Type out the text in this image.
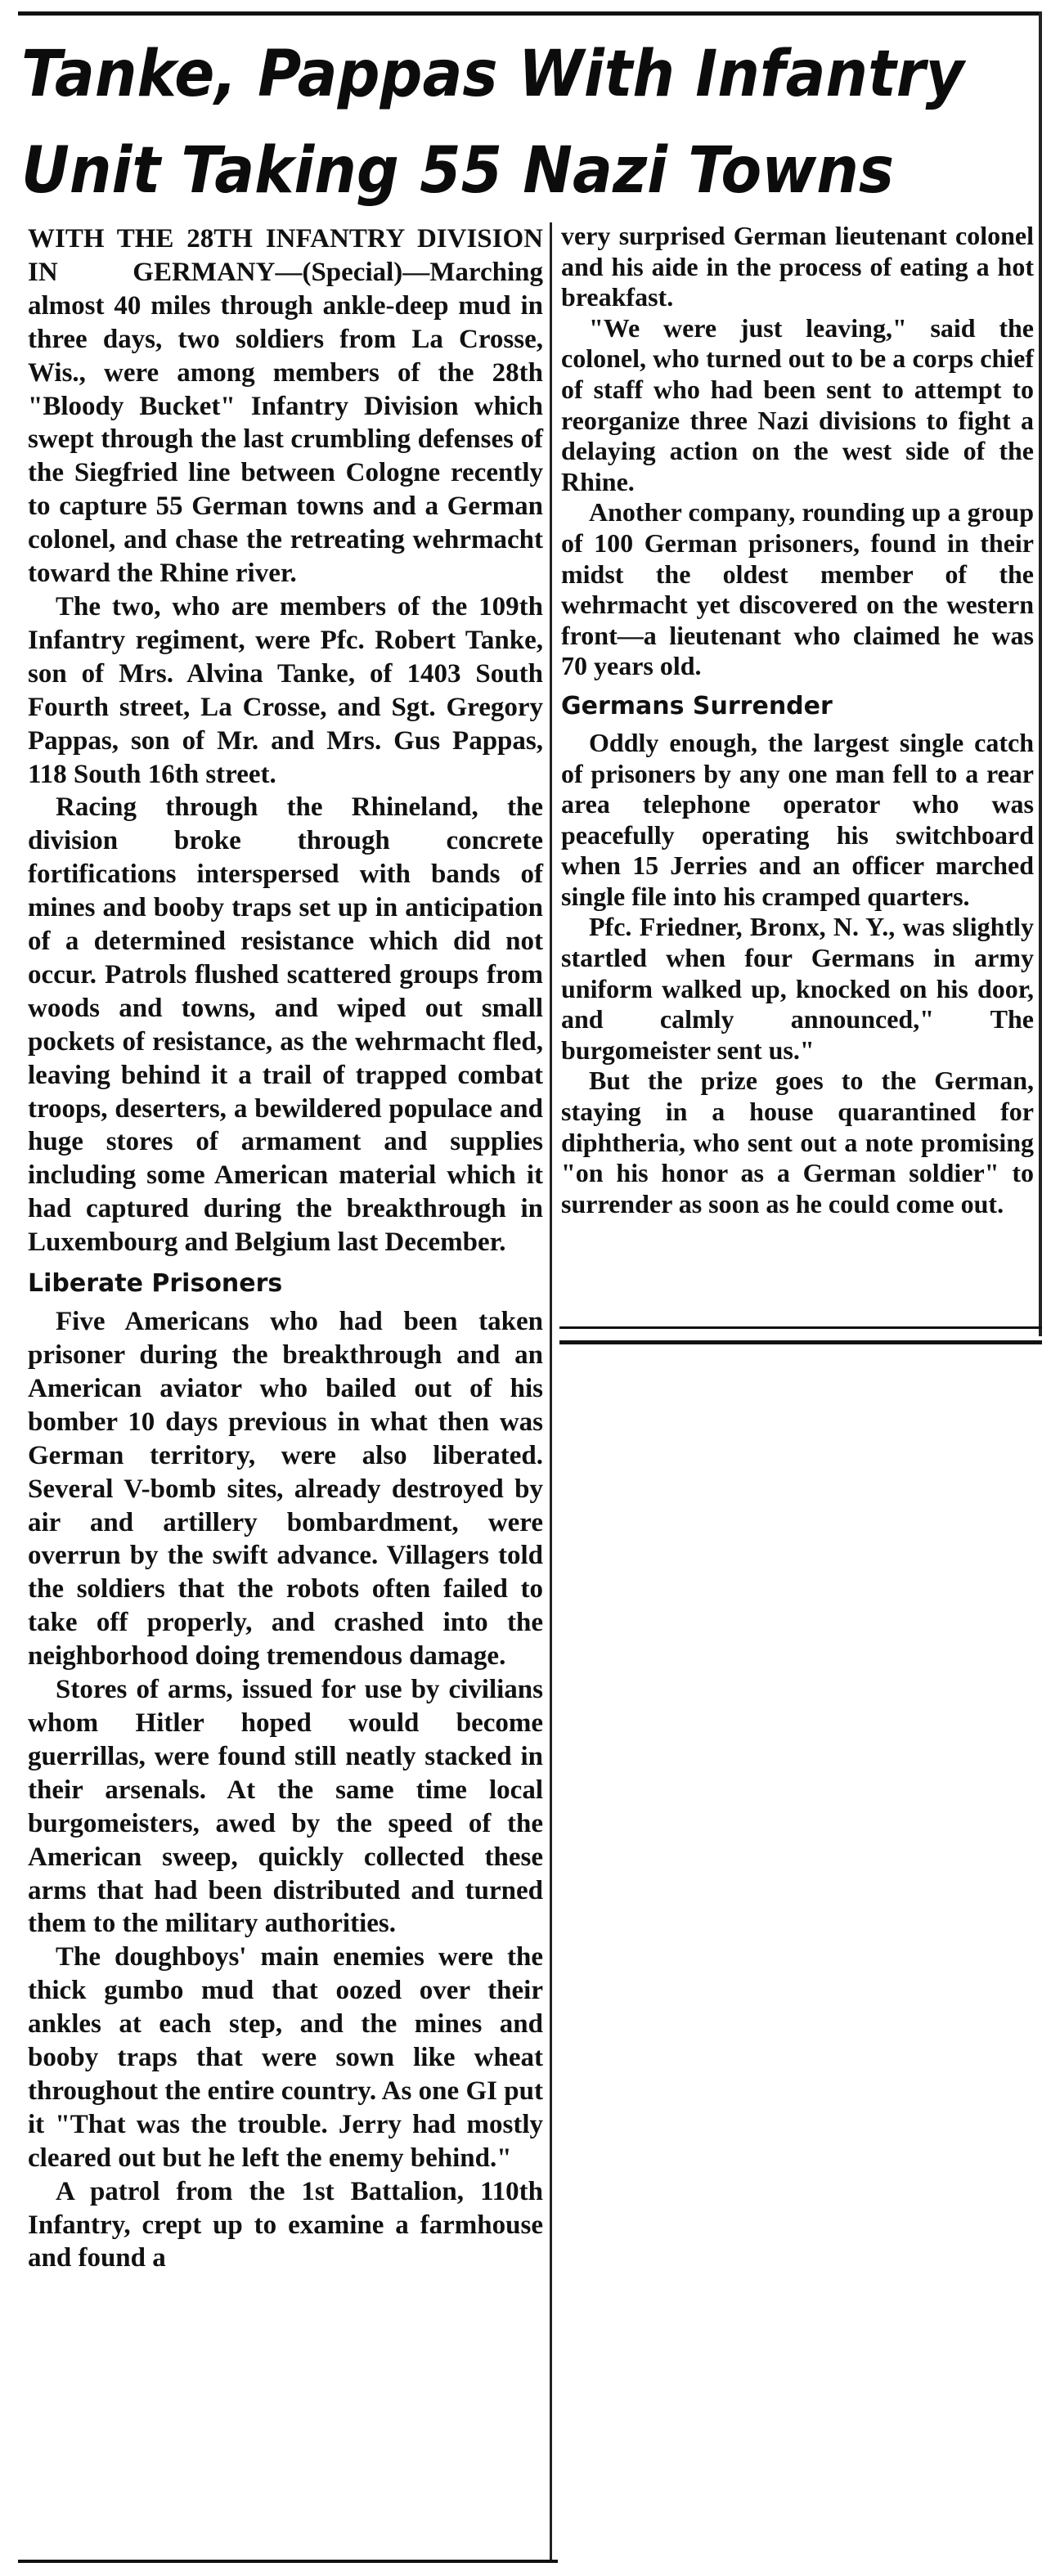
Tanke, Pappas With Infantry
Unit Taking 55 Nazi Towns

WITH THE 28TH INFANTRY DIVISION IN GERMANY—(Special)—Marching almost 40 miles through ankle-deep mud in three days, two soldiers from La Crosse, Wis., were among members of the 28th "Bloody Bucket" Infantry Division which swept through the last crumbling defenses of the Siegfried line between Cologne recently to capture 55 German towns and a German colonel, and chase the retreating wehrmacht toward the Rhine river.

The two, who are members of the 109th Infantry regiment, were Pfc. Robert Tanke, son of Mrs. Alvina Tanke, of 1403 South Fourth street, La Crosse, and Sgt. Gregory Pappas, son of Mr. and Mrs. Gus Pappas, 118 South 16th street.

Racing through the Rhineland, the division broke through concrete fortifications interspersed with bands of mines and booby traps set up in anticipation of a determined resistance which did not occur. Patrols flushed scattered groups from woods and towns, and wiped out small pockets of resistance, as the wehrmacht fled, leaving behind it a trail of trapped combat troops, deserters, a bewildered populace and huge stores of armament and supplies including some American material which it had captured during the breakthrough in Luxembourg and Belgium last December.

Liberate Prisoners

Five Americans who had been taken prisoner during the breakthrough and an American aviator who bailed out of his bomber 10 days previous in what then was German territory, were also liberated. Several V-bomb sites, already destroyed by air and artillery bombardment, were overrun by the swift advance. Villagers told the soldiers that the robots often failed to take off properly, and crashed into the neighborhood doing tremendous damage.

Stores of arms, issued for use by civilians whom Hitler hoped would become guerrillas, were found still neatly stacked in their arsenals. At the same time local burgomeisters, awed by the speed of the American sweep, quickly collected these arms that had been distributed and turned them to the military authorities.

The doughboys' main enemies were the thick gumbo mud that oozed over their ankles at each step, and the mines and booby traps that were sown like wheat throughout the entire country. As one GI put it "That was the trouble. Jerry had mostly cleared out but he left the enemy behind."

A patrol from the 1st Battalion, 110th Infantry, crept up to examine a farmhouse and found a

very surprised German lieutenant colonel and his aide in the process of eating a hot breakfast.

"We were just leaving," said the colonel, who turned out to be a corps chief of staff who had been sent to attempt to reorganize three Nazi divisions to fight a delaying action on the west side of the Rhine.

Another company, rounding up a group of 100 German prisoners, found in their midst the oldest member of the wehrmacht yet discovered on the western front—a lieutenant who claimed he was 70 years old.

Germans Surrender

Oddly enough, the largest single catch of prisoners by any one man fell to a rear area telephone operator who was peacefully operating his switchboard when 15 Jerries and an officer marched single file into his cramped quarters.

Pfc. Friedner, Bronx, N. Y., was slightly startled when four Germans in army uniform walked up, knocked on his door, and calmly announced," The burgomeister sent us."

But the prize goes to the German, staying in a house quarantined for diphtheria, who sent out a note promising "on his honor as a German soldier" to surrender as soon as he could come out.
